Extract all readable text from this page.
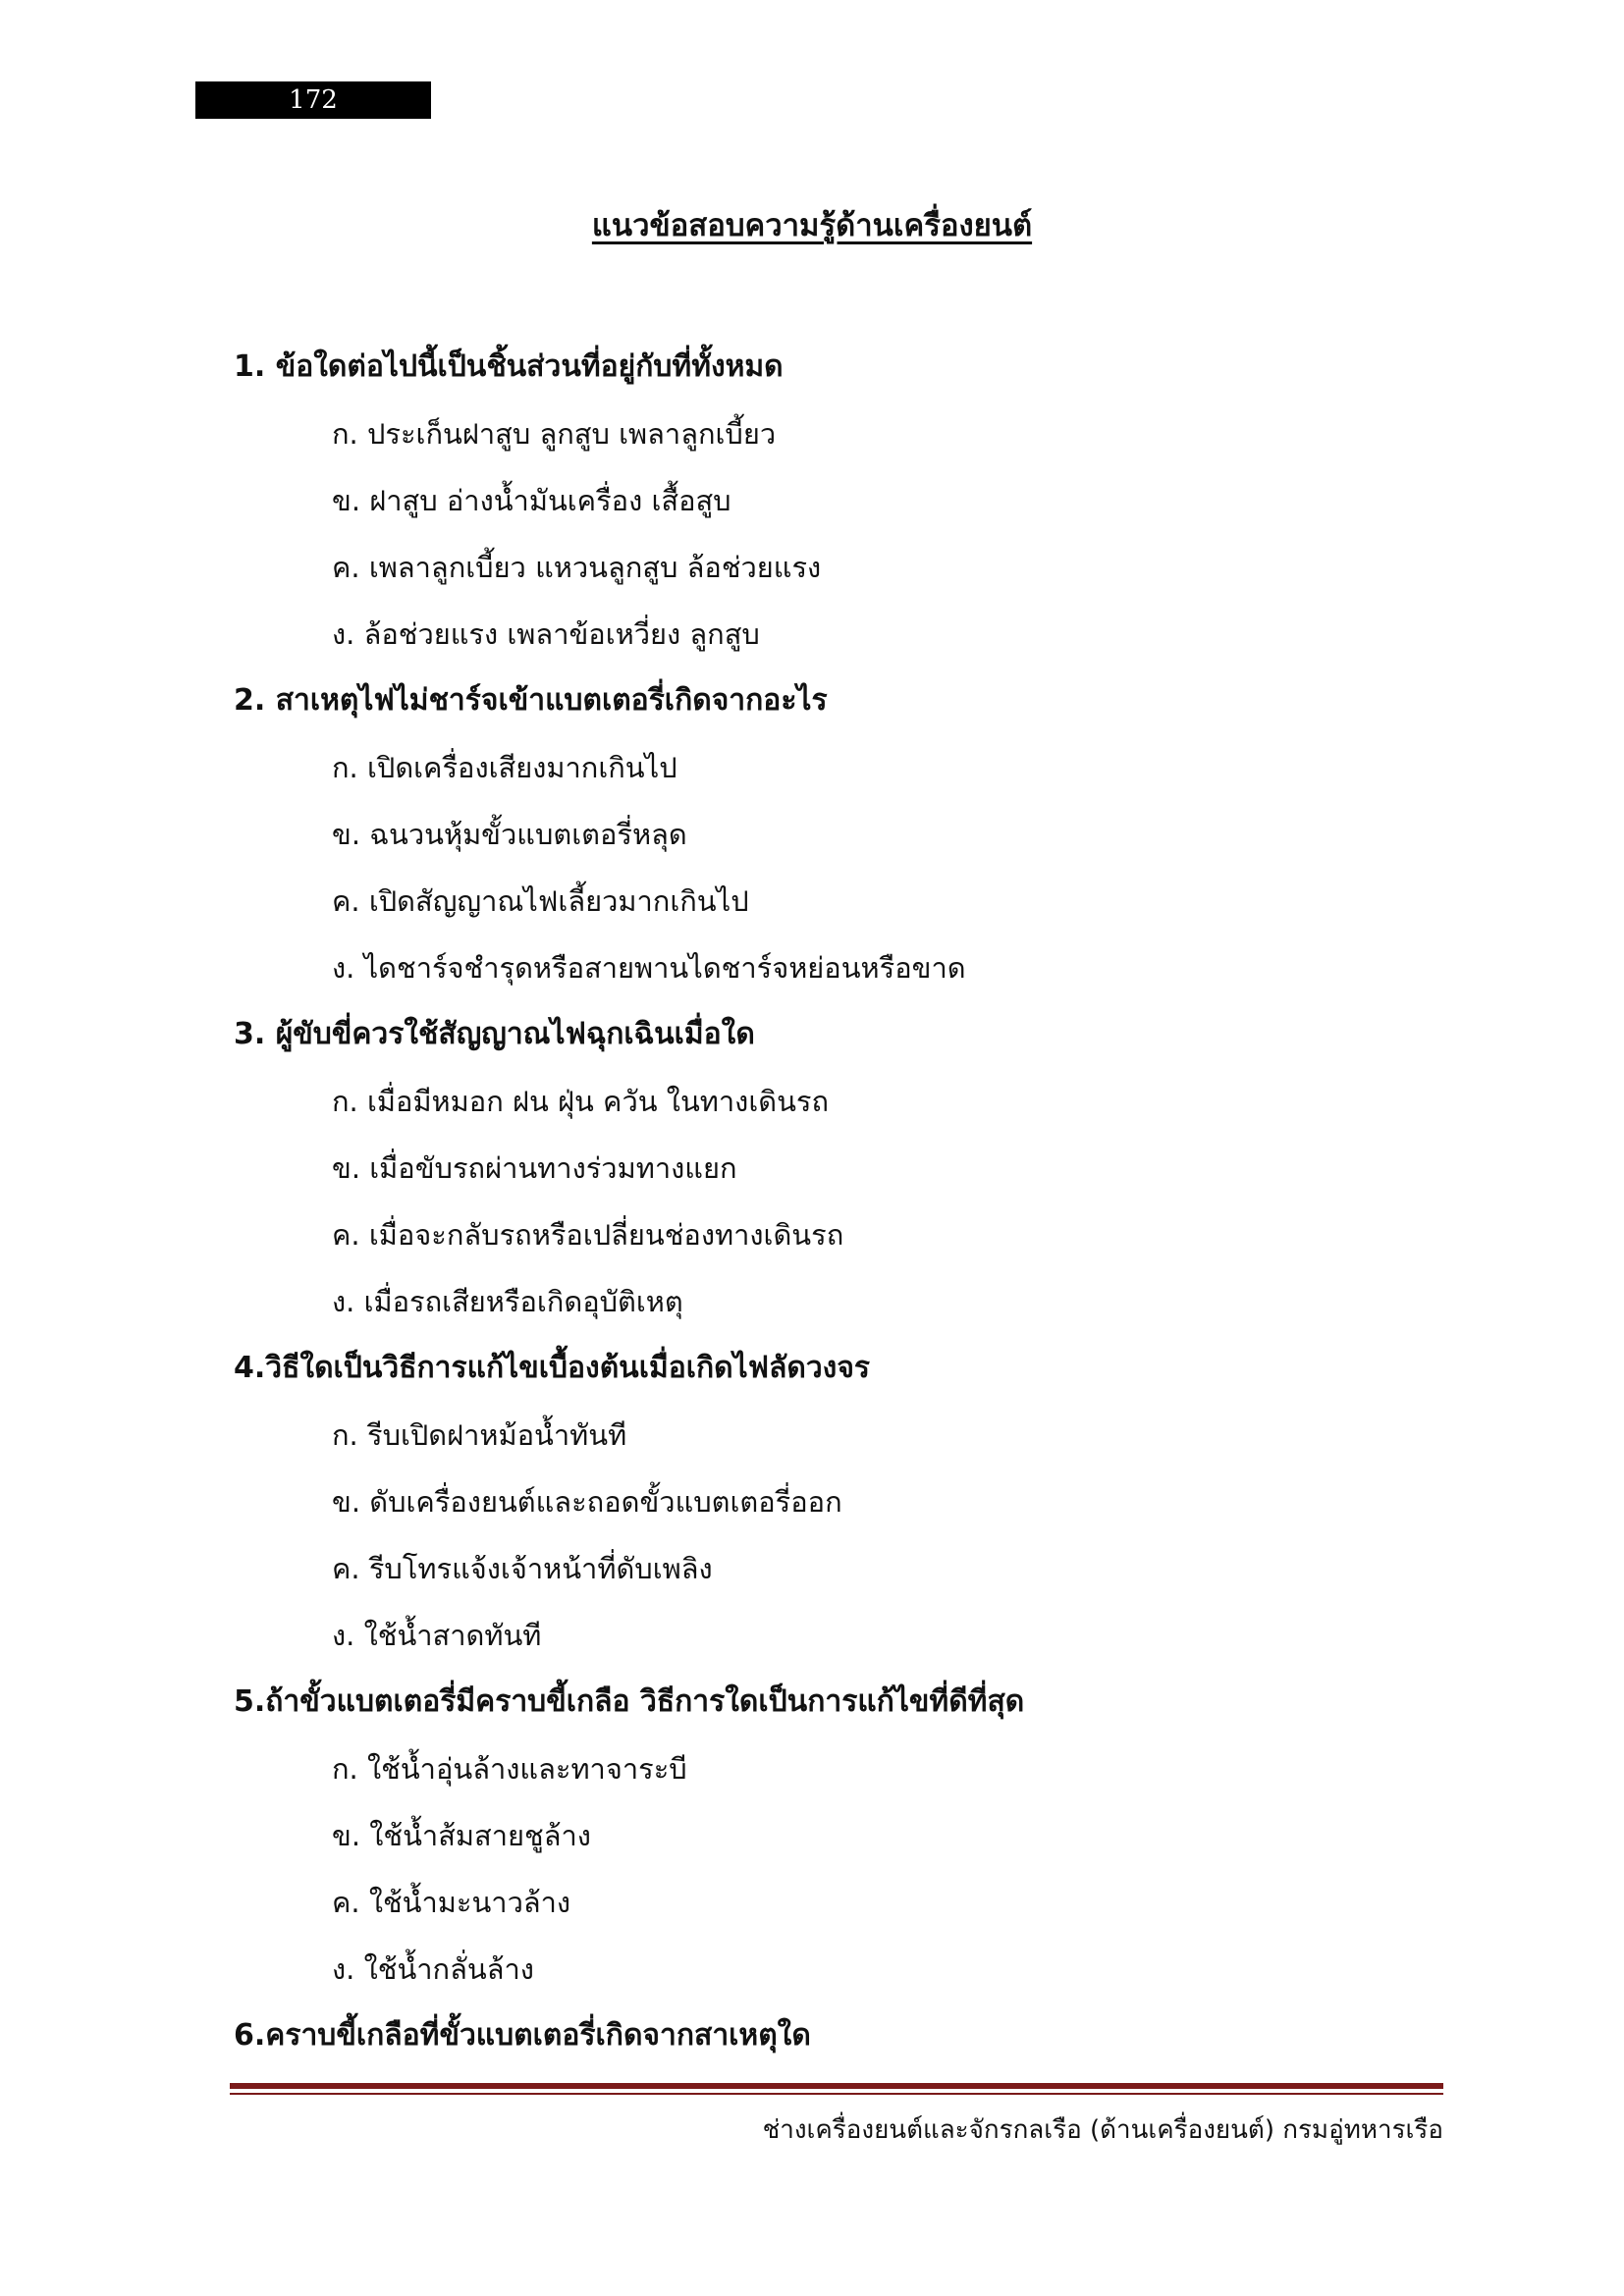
172
แนวข้อสอบความรู้ด้านเครื่องยนต์
1. ข้อใดต่อไปนี้เป็นชิ้นส่วนที่อยู่กับที่ทั้งหมด
ก. ประเก็นฝาสูบ ลูกสูบ เพลาลูกเบี้ยว
ข. ฝาสูบ อ่างน้ำมันเครื่อง เสื้อสูบ
ค. เพลาลูกเบี้ยว แหวนลูกสูบ ล้อช่วยแรง
ง. ล้อช่วยแรง เพลาข้อเหวี่ยง ลูกสูบ
2. สาเหตุไฟไม่ชาร์จเข้าแบตเตอรี่เกิดจากอะไร
ก. เปิดเครื่องเสียงมากเกินไป
ข. ฉนวนหุ้มขั้วแบตเตอรี่หลุด
ค. เปิดสัญญาณไฟเลี้ยวมากเกินไป
ง. ไดชาร์จชำรุดหรือสายพานไดชาร์จหย่อนหรือขาด
3. ผู้ขับขี่ควรใช้สัญญาณไฟฉุกเฉินเมื่อใด
ก. เมื่อมีหมอก ฝน ฝุ่น ควัน ในทางเดินรถ
ข. เมื่อขับรถผ่านทางร่วมทางแยก
ค. เมื่อจะกลับรถหรือเปลี่ยนช่องทางเดินรถ
ง. เมื่อรถเสียหรือเกิดอุบัติเหตุ
4.วิธีใดเป็นวิธีการแก้ไขเบื้องต้นเมื่อเกิดไฟลัดวงจร
ก. รีบเปิดฝาหม้อน้ำทันที
ข. ดับเครื่องยนต์และถอดขั้วแบตเตอรี่ออก
ค. รีบโทรแจ้งเจ้าหน้าที่ดับเพลิง
ง. ใช้น้ำสาดทันที
5.ถ้าขั้วแบตเตอรี่มีคราบขี้เกลือ วิธีการใดเป็นการแก้ไขที่ดีที่สุด
ก. ใช้น้ำอุ่นล้างและทาจาระบี
ข. ใช้น้ำส้มสายชูล้าง
ค. ใช้น้ำมะนาวล้าง
ง. ใช้น้ำกลั่นล้าง
6.คราบขี้เกลือที่ขั้วแบตเตอรี่เกิดจากสาเหตุใด
ช่างเครื่องยนต์และจักรกลเรือ (ด้านเครื่องยนต์) กรมอู่ทหารเรือ
